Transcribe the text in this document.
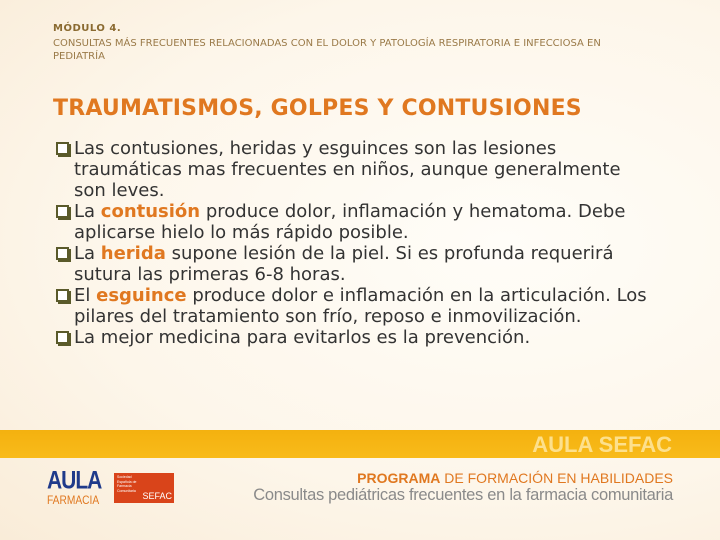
MÓDULO 4.
CONSULTAS MÁS FRECUENTES RELACIONADAS CON EL DOLOR Y PATOLOGÍA RESPIRATORIA E INFECCIOSA EN PEDIATRÍA
TRAUMATISMOS, GOLPES Y CONTUSIONES
Las contusiones, heridas y esguinces son las lesiones traumáticas mas frecuentes en niños, aunque generalmente son leves.
La contusión produce dolor, inflamación y hematoma. Debe aplicarse hielo lo más rápido posible.
La herida supone lesión de la piel. Si es profunda requerirá sutura las primeras 6-8 horas.
El esguince produce dolor e inflamación en la articulación. Los pilares del tratamiento son frío, reposo e inmovilización.
La mejor medicina para evitarlos es la prevención.
AULA SEFAC
AULA
FARMACIA
Sociedad Española de Farmacia Comunitaria
SEFAC
PROGRAMA DE FORMACIÓN EN HABILIDADES
Consultas pediátricas frecuentes en la farmacia comunitaria
